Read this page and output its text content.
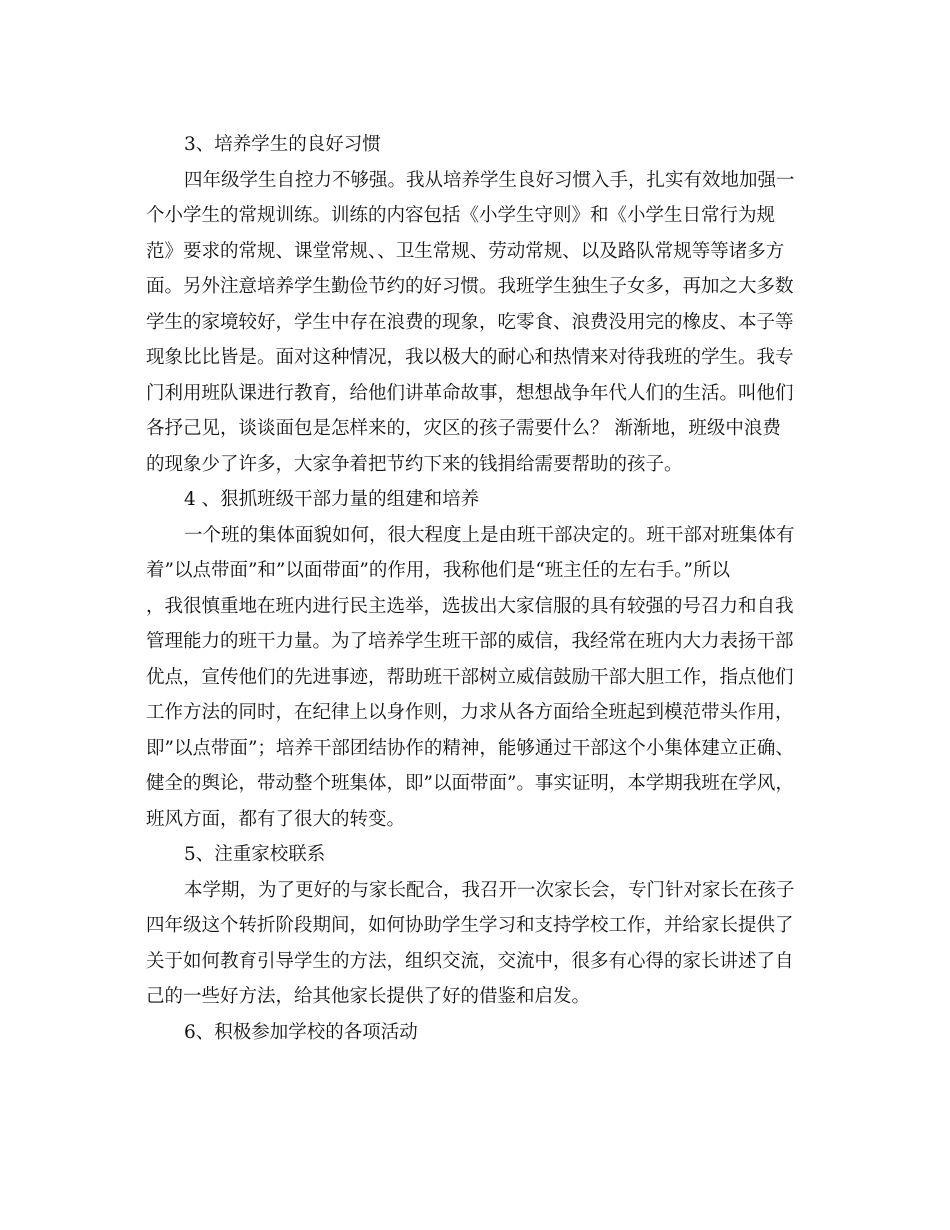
3、培养学生的良好习惯
四年级学生自控力不够强。我从培养学生良好习惯入手，扎实有效地加强一
个小学生的常规训练。训练的内容包括《小学生守则》和《小学生日常行为规
范》要求的常规、课堂常规、、卫生常规、劳动常规、以及路队常规等等诸多方
面。另外注意培养学生勤俭节约的好习惯。我班学生独生子女多，再加之大多数
学生的家境较好，学生中存在浪费的现象，吃零食、浪费没用完的橡皮、本子等
现象比比皆是。面对这种情况，我以极大的耐心和热情来对待我班的学生。我专
门利用班队课进行教育，给他们讲革命故事，想想战争年代人们的生活。叫他们
各抒己见，谈谈面包是怎样来的，灾区的孩子需要什么？ 渐渐地，班级中浪费
的现象少了许多，大家争着把节约下来的钱捐给需要帮助的孩子。
4 、狠抓班级干部力量的组建和培养
一个班的集体面貌如何，很大程度上是由班干部决定的。班干部对班集体有
着”以点带面”和”以面带面”的作用，我称他们是“班主任的左右手。”所以
，我很慎重地在班内进行民主选举，选拔出大家信服的具有较强的号召力和自我
管理能力的班干力量。为了培养学生班干部的威信，我经常在班内大力表扬干部
优点，宣传他们的先进事迹，帮助班干部树立威信鼓励干部大胆工作，指点他们
工作方法的同时，在纪律上以身作则，力求从各方面给全班起到模范带头作用，
即”以点带面”；培养干部团结协作的精神，能够通过干部这个小集体建立正确、
健全的舆论，带动整个班集体，即”以面带面”。事实证明，本学期我班在学风，
班风方面，都有了很大的转变。
5、注重家校联系
本学期，为了更好的与家长配合，我召开一次家长会，专门针对家长在孩子
四年级这个转折阶段期间，如何协助学生学习和支持学校工作，并给家长提供了
关于如何教育引导学生的方法，组织交流，交流中，很多有心得的家长讲述了自
己的一些好方法，给其他家长提供了好的借鉴和启发。
6、积极参加学校的各项活动
